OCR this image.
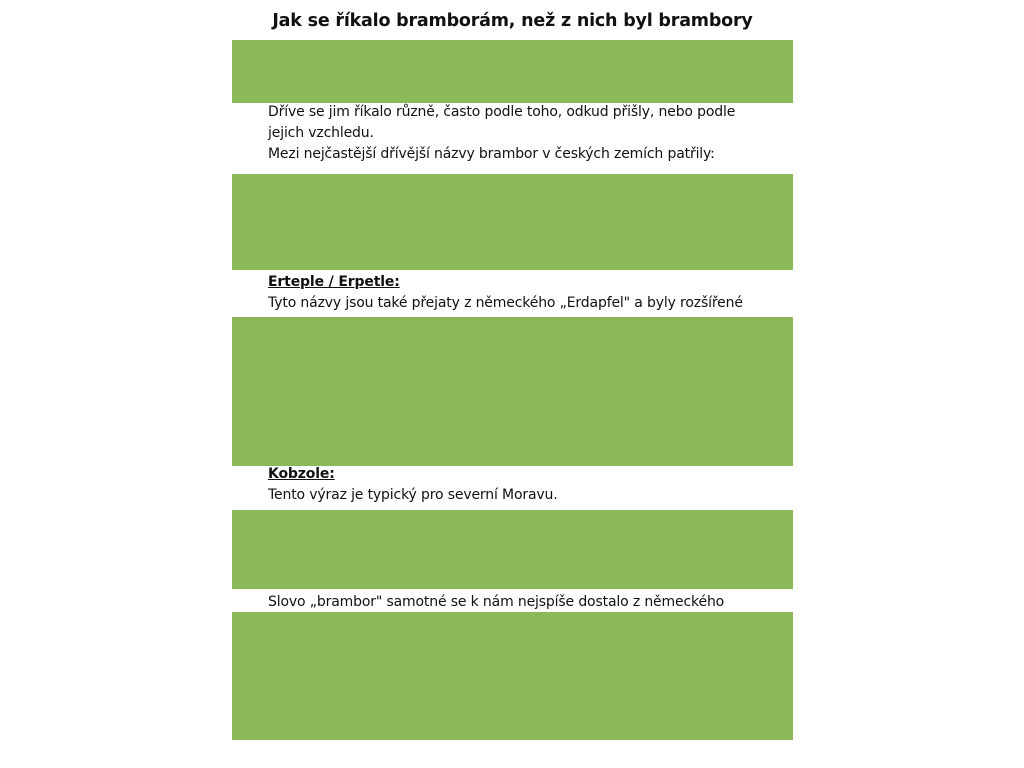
Jak se říkalo bramborám, než z nich byl brambory
Dříve se jim říkalo různě, často podle toho, odkud přišly, nebo podle
jejich vzchledu.
Mezi nejčastější dřívější názvy brambor v českých zemích patřily:
Erteple / Erpetle:
Tyto názvy jsou také přejaty z německého „Erdapfel" a byly rozšířené
Kobzole:
Tento výraz je typický pro severní Moravu.
Slovo „brambor" samotné se k nám nejspíše dostalo z německého
